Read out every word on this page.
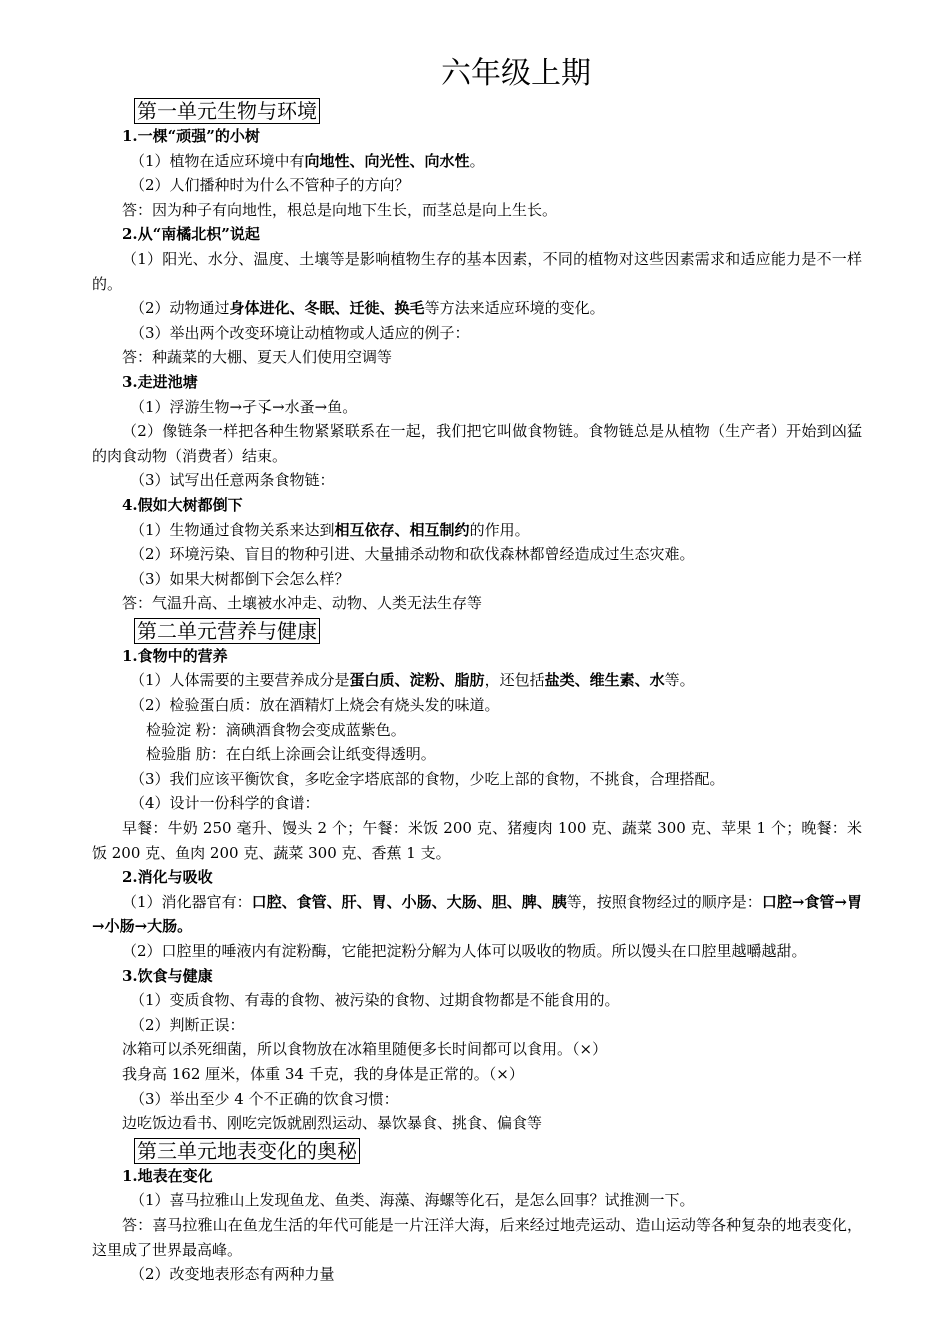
六年级上期
第一单元生物与环境
1.一棵“顽强”的小树
（1）植物在适应环境中有向地性、向光性、向水性。
（2）人们播种时为什么不管种子的方向？
答：因为种子有向地性，根总是向地下生长，而茎总是向上生长。
2.从“南橘北枳”说起
（1）阳光、水分、温度、土壤等是影响植物生存的基本因素，不同的植物对这些因素需求和适应能力是不一样的。
（2）动物通过身体进化、冬眠、迁徙、换毛等方法来适应环境的变化。
（3）举出两个改变环境让动植物或人适应的例子：
答：种蔬菜的大棚、夏天人们使用空调等
3.走进池塘
（1）浮游生物→孑孓→水蚤→鱼。
（2）像链条一样把各种生物紧紧联系在一起，我们把它叫做食物链。食物链总是从植物（生产者）开始到凶猛的肉食动物（消费者）结束。
（3）试写出任意两条食物链：
4.假如大树都倒下
（1）生物通过食物关系来达到相互依存、相互制约的作用。
（2）环境污染、盲目的物种引进、大量捕杀动物和砍伐森林都曾经造成过生态灾难。
（3）如果大树都倒下会怎么样？
答：气温升高、土壤被水冲走、动物、人类无法生存等
第二单元营养与健康
1.食物中的营养
（1）人体需要的主要营养成分是蛋白质、淀粉、脂肪，还包括盐类、维生素、水等。
（2）检验蛋白质：放在酒精灯上烧会有烧头发的味道。
检验淀 粉：滴碘酒食物会变成蓝紫色。
检验脂 肪：在白纸上涂画会让纸变得透明。
（3）我们应该平衡饮食，多吃金字塔底部的食物，少吃上部的食物，不挑食，合理搭配。
（4）设计一份科学的食谱：
早餐：牛奶 250 毫升、馒头 2 个；午餐：米饭 200 克、猪瘦肉 100 克、蔬菜 300 克、苹果 1 个；晚餐：米饭 200 克、鱼肉 200 克、蔬菜 300 克、香蕉 1 支。
2.消化与吸收
（1）消化器官有：口腔、食管、肝、胃、小肠、大肠、胆、脾、胰等，按照食物经过的顺序是：口腔→食管→胃→小肠→大肠。
（2）口腔里的唾液内有淀粉酶，它能把淀粉分解为人体可以吸收的物质。所以馒头在口腔里越嚼越甜。
3.饮食与健康
（1）变质食物、有毒的食物、被污染的食物、过期食物都是不能食用的。
（2）判断正误：
冰箱可以杀死细菌，所以食物放在冰箱里随便多长时间都可以食用。（×）
我身高 162 厘米，体重 34 千克，我的身体是正常的。（×）
（3）举出至少 4 个不正确的饮食习惯：
边吃饭边看书、刚吃完饭就剧烈运动、暴饮暴食、挑食、偏食等
第三单元地表变化的奥秘
1.地表在变化
（1）喜马拉雅山上发现鱼龙、鱼类、海藻、海螺等化石，是怎么回事？试推测一下。
答：喜马拉雅山在鱼龙生活的年代可能是一片汪洋大海，后来经过地壳运动、造山运动等各种复杂的地表变化，这里成了世界最高峰。
（2）改变地表形态有两种力量
